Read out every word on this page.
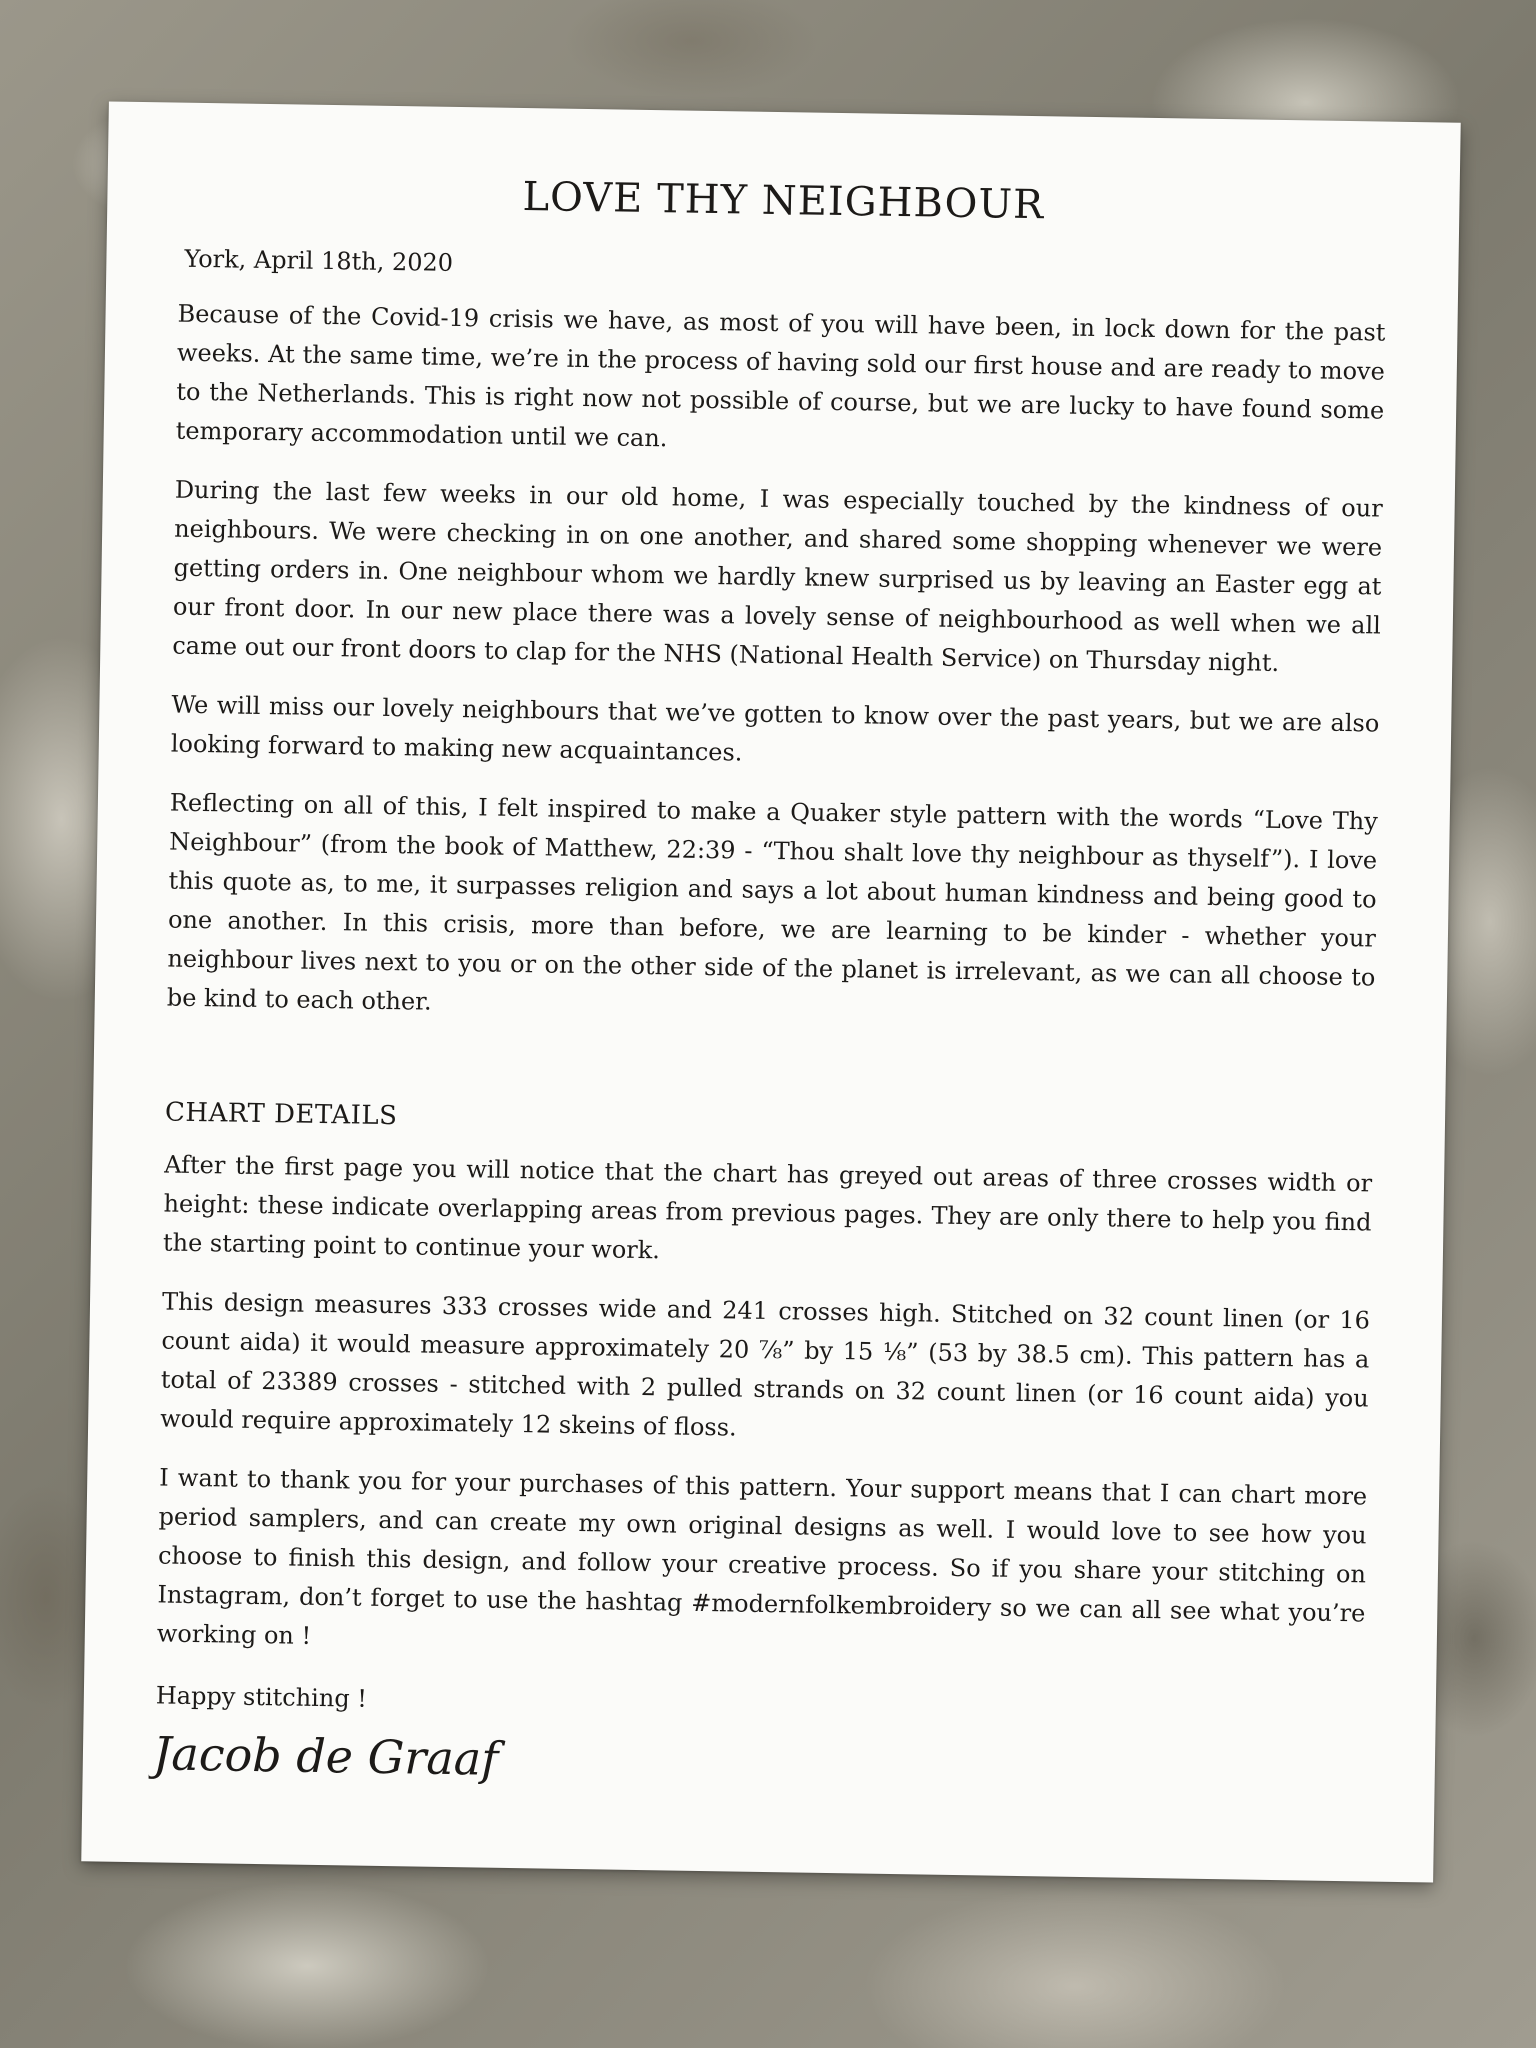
LOVE THY NEIGHBOUR

York, April 18th, 2020

Because of the Covid-19 crisis we have, as most of you will have been, in lock down for the past weeks. At the same time, we’re in the process of having sold our first house and are ready to move to the Netherlands. This is right now not possible of course, but we are lucky to have found some temporary accommodation until we can.

During the last few weeks in our old home, I was especially touched by the kindness of our neighbours. We were checking in on one another, and shared some shopping whenever we were getting orders in. One neighbour whom we hardly knew surprised us by leaving an Easter egg at our front door. In our new place there was a lovely sense of neighbourhood as well when we all came out our front doors to clap for the NHS (National Health Service) on Thursday night.

We will miss our lovely neighbours that we’ve gotten to know over the past years, but we are also looking forward to making new acquaintances.

Reflecting on all of this, I felt inspired to make a Quaker style pattern with the words “Love Thy Neighbour” (from the book of Matthew, 22:39 - “Thou shalt love thy neighbour as thyself”). I love this quote as, to me, it surpasses religion and says a lot about human kindness and being good to one another. In this crisis, more than before, we are learning to be kinder - whether your neighbour lives next to you or on the other side of the planet is irrelevant, as we can all choose to be kind to each other.

CHART DETAILS

After the first page you will notice that the chart has greyed out areas of three crosses width or height: these indicate overlapping areas from previous pages. They are only there to help you find the starting point to continue your work.

This design measures 333 crosses wide and 241 crosses high. Stitched on 32 count linen (or 16 count aida) it would measure approximately 20 ⅞” by 15 ⅛” (53 by 38.5 cm). This pattern has a total of 23389 crosses - stitched with 2 pulled strands on 32 count linen (or 16 count aida) you would require approximately 12 skeins of floss.

I want to thank you for your purchases of this pattern. Your support means that I can chart more period samplers, and can create my own original designs as well. I would love to see how you choose to finish this design, and follow your creative process. So if you share your stitching on Instagram, don’t forget to use the hashtag #modernfolkembroidery so we can all see what you’re working on !

Happy stitching !

Jacob de Graaf
